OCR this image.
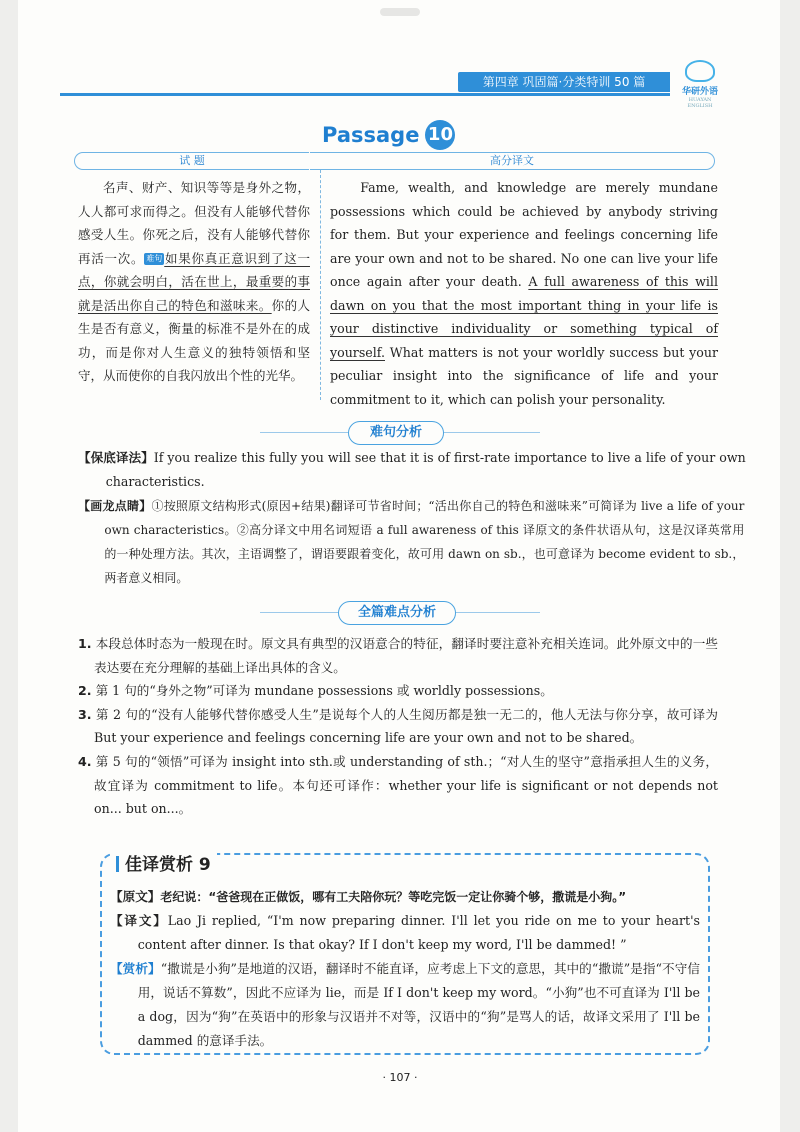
第四章 巩固篇·分类特训 50 篇
华研外语
HUAYAN ENGLISH
Passage 10
试 题	高分译文
名声、财产、知识等等是身外之物，人人都可求而得之。但没有人能够代替你感受人生。你死之后，没有人能够代替你再活一次。 难句 如果你真正意识到了这一点，你就会明白，活在世上，最重要的事就是活出你自己的特色和滋味来。你的人生是否有意义，衡量的标准不是外在的成功，而是你对人生意义的独特领悟和坚守，从而使你的自我闪放出个性的光华。
Fame, wealth, and knowledge are merely mundane possessions which could be achieved by anybody striving for them. But your experience and feelings concerning life are your own and not to be shared. No one can live your life once again after your death. A full awareness of this will dawn on you that the most important thing in your life is your distinctive individuality or something typical of yourself. What matters is not your worldly success but your peculiar insight into the significance of life and your commitment to it, which can polish your personality.
难句分析
【保底译法】If you realize this fully you will see that it is of first-rate importance to live a life of your own characteristics.
【画龙点睛】①按照原文结构形式(原因+结果)翻译可节省时间；“活出你自己的特色和滋味来”可简译为 live a life of your own characteristics。②高分译文中用名词短语 a full awareness of this 译原文的条件状语从句，这是汉译英常用的一种处理方法。其次，主语调整了，谓语要跟着变化，故可用 dawn on sb.，也可意译为 become evident to sb.，两者意义相同。
全篇难点分析
1. 本段总体时态为一般现在时。原文具有典型的汉语意合的特征，翻译时要注意补充相关连词。此外原文中的一些表达要在充分理解的基础上译出具体的含义。
2. 第 1 句的“身外之物”可译为 mundane possessions 或 worldly possessions。
3. 第 2 句的“没有人能够代替你感受人生”是说每个人的人生阅历都是独一无二的，他人无法与你分享，故可译为 But your experience and feelings concerning life are your own and not to be shared。
4. 第 5 句的“领悟”可译为 insight into sth.或 understanding of sth.；“对人生的坚守”意指承担人生的义务，故宜译为 commitment to life。本句还可译作：whether your life is significant or not depends not on... but on...。
佳译赏析 9
【原文】老纪说：“爸爸现在正做饭，哪有工夫陪你玩？等吃完饭一定让你骑个够，撒谎是小狗。”
【译文】Lao Ji replied, “I'm now preparing dinner. I'll let you ride on me to your heart's content after dinner. Is that okay? If I don't keep my word, I'll be dammed! ”
【赏析】“撒谎是小狗”是地道的汉语，翻译时不能直译，应考虑上下文的意思，其中的“撒谎”是指“不守信用，说话不算数”，因此不应译为 lie，而是 If I don't keep my word。“小狗”也不可直译为 I'll be a dog，因为“狗”在英语中的形象与汉语并不对等，汉语中的“狗”是骂人的话，故译文采用了 I'll be dammed 的意译手法。
· 107 ·
